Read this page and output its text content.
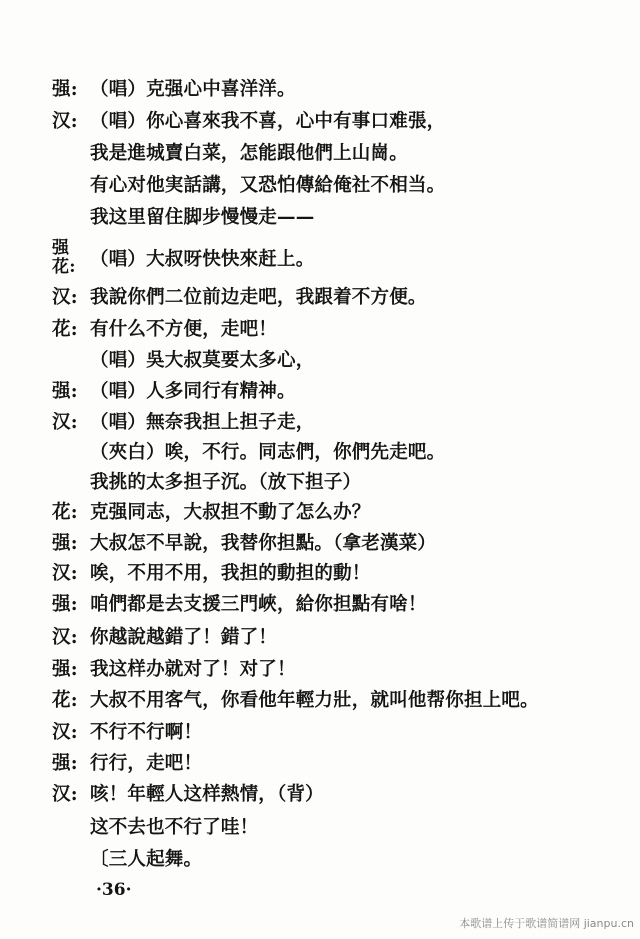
强: （唱）克强心中喜洋洋。
汉: （唱）你心喜來我不喜，心中有事口难張，
我是進城賣白菜，怎能跟他們上山崗。
有心对他実話講，又恐怕傳給俺社不相当。
我这里留住脚步慢慢走——
强
花: （唱）大叔呀快快來赶上。
汉: 我說你們二位前边走吧，我跟着不方便。
花: 有什么不方便，走吧！
（唱）吳大叔莫要太多心，
强: （唱）人多同行有精神。
汉: （唱）無奈我担上担子走，
（夾白）唉，不行。同志們，你們先走吧。
我挑的太多担子沉。（放下担子）
花: 克强同志，大叔担不動了怎么办？
强: 大叔怎不早說，我替你担點。（拿老漢菜）
汉: 唉，不用不用，我担的動担的動！
强: 咱們都是去支援三門峽，給你担點有啥！
汉: 你越說越錯了！錯了！
强: 我这样办就对了！对了！
花: 大叔不用客气，你看他年輕力壯，就叫他帮你担上吧。
汉: 不行不行啊！
强: 行行，走吧！
汉: 咳！年輕人这样熱情，（背）
这不去也不行了哇！
〔三人起舞。
·36·
本歌谱上传于歌谱简谱网 jianpu.cn
